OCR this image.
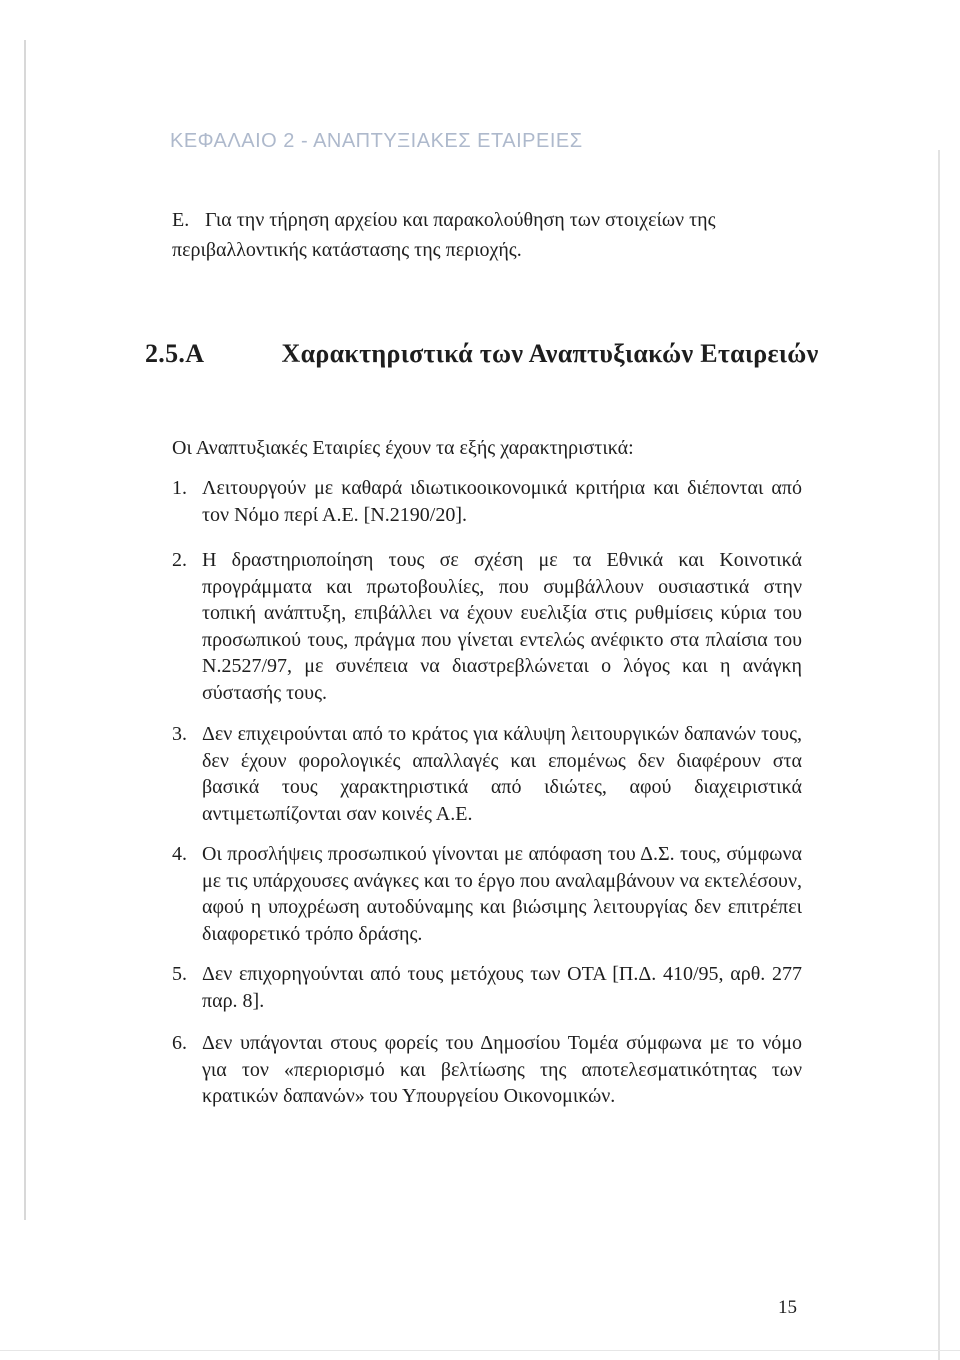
ΚΕΦΑΛΑΙΟ 2 - ΑΝΑΠΤΥΞΙΑΚΕΣ ΕΤΑΙΡΕΙΕΣ
Ε. Για την τήρηση αρχείου και παρακολούθηση των στοιχείων της περιβαλλοντικής κατάστασης της περιοχής.
2.5.Α	Χαρακτηριστικά των Αναπτυξιακών Εταιρειών
Οι Αναπτυξιακές Εταιρίες έχουν τα εξής χαρακτηριστικά:
1. Λειτουργούν με καθαρά ιδιωτικοοικονομικά κριτήρια και διέπονται από τον Νόμο περί Α.Ε. [Ν.2190/20].
2. Η δραστηριοποίηση τους σε σχέση με τα Εθνικά και Κοινοτικά προγράμματα και πρωτοβουλίες, που συμβάλλουν ουσιαστικά στην τοπική ανάπτυξη, επιβάλλει να έχουν ευελιξία στις ρυθμίσεις κύρια του προσωπικού τους, πράγμα που γίνεται εντελώς ανέφικτο στα πλαίσια του Ν.2527/97, με συνέπεια να διαστρεβλώνεται ο λόγος και η ανάγκη σύστασής τους.
3. Δεν επιχειρούνται από το κράτος για κάλυψη λειτουργικών δαπανών τους, δεν έχουν φορολογικές απαλλαγές και επομένως δεν διαφέρουν στα βασικά τους χαρακτηριστικά από ιδιώτες, αφού διαχειριστικά αντιμετωπίζονται σαν κοινές Α.Ε.
4. Οι προσλήψεις προσωπικού γίνονται με απόφαση του Δ.Σ. τους, σύμφωνα με τις υπάρχουσες ανάγκες και το έργο που αναλαμβάνουν να εκτελέσουν, αφού η υποχρέωση αυτοδύναμης και βιώσιμης λειτουργίας δεν επιτρέπει διαφορετικό τρόπο δράσης.
5. Δεν επιχορηγούνται από τους μετόχους των ΟΤΑ [Π.Δ. 410/95, αρθ. 277 παρ. 8].
6. Δεν υπάγονται στους φορείς του Δημοσίου Τομέα σύμφωνα με το νόμο για τον «περιορισμό και βελτίωσης της αποτελεσματικότητας των κρατικών δαπανών» του Υπουργείου Οικονομικών.
15
